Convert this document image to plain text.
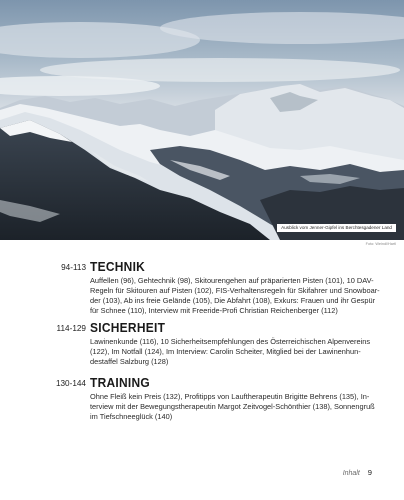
Ausblick vom Jenner-Gipfel ins Berchtesgadener Land
Foto: Weindl/Hartl
94-113 TECHNIK
Auffellen (96), Gehtechnik (98), Skitourengehen auf präparierten Pisten (101), 10 DAV-
Regeln für Skitouren auf Pisten (102), FIS-Verhaltensregeln für Skifahrer und Snowboar-
der (103), Ab ins freie Gelände (105), Die Abfahrt (108), Exkurs: Frauen und ihr Gespür
für Schnee (110), Interview mit Freeride-Profi Christian Reichenberger (112)
114-129 SICHERHEIT
Lawinenkunde (116), 10 Sicherheitsempfehlungen des Österreichischen Alpenvereins
(122), Im Notfall (124), Im Interview: Carolin Scheiter, Mitglied bei der Lawinenhun-
destaffel Salzburg (128)
130-144 TRAINING
Ohne Fleiß kein Preis (132), Profitipps von Lauftherapeutin Brigitte Behrens (135), In-
terview mit der Bewegungstherapeutin Margot Zeitvogel-Schönthier (138), Sonnengruß
im Tiefschneeglück (140)
Inhalt 9
